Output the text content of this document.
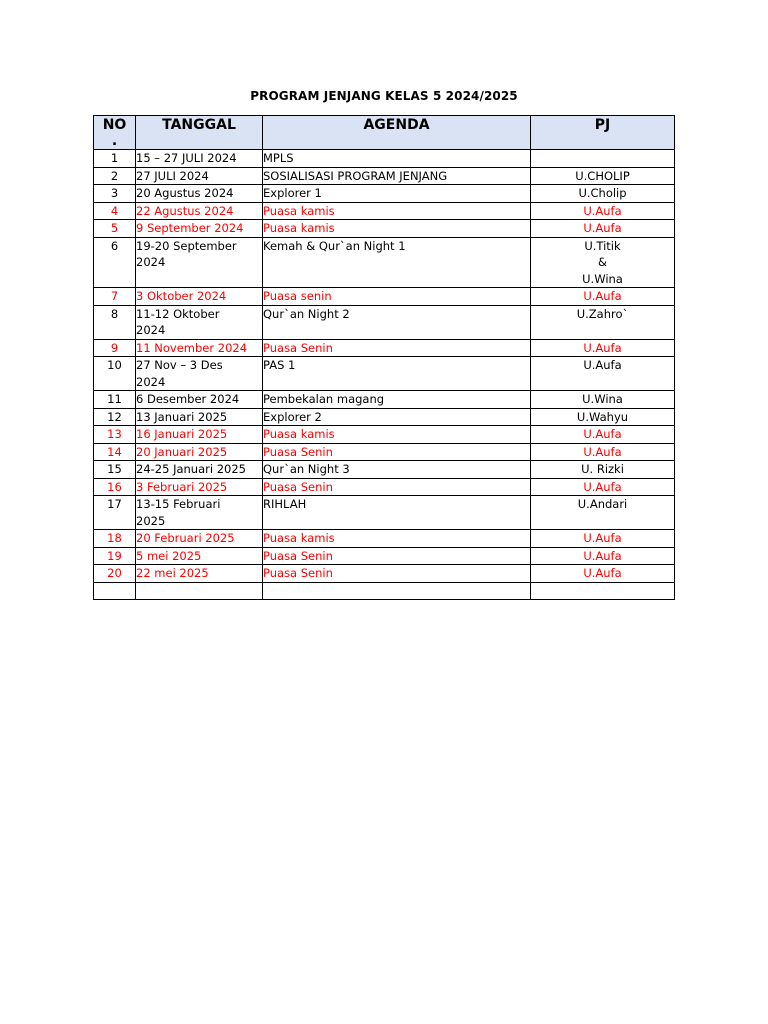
PROGRAM JENJANG KELAS 5 2024/2025
NO
.	TANGGAL	AGENDA	PJ
1	15 – 27 JULI 2024	MPLS	

2	27 JULI 2024	SOSIALISASI PROGRAM JENJANG	U.CHOLIP

3	20 Agustus 2024	Explorer 1	U.Cholip

4	22 Agustus 2024	Puasa kamis	U.Aufa

5	9 September 2024	Puasa kamis	U.Aufa

6	19-20 September
2024	Kemah & Qur`an Night 1	U.Titik
&
U.Wina

7	3 Oktober 2024	Puasa senin	U.Aufa

8	11-12 Oktober
2024	Qur`an Night 2	U.Zahro`

9	11 November 2024	Puasa Senin	U.Aufa

10	27 Nov – 3 Des
2024	PAS 1	U.Aufa

11	6 Desember 2024	Pembekalan magang	U.Wina

12	13 Januari 2025	Explorer 2	U.Wahyu

13	16 Januari 2025	Puasa kamis	U.Aufa

14	20 Januari 2025	Puasa Senin	U.Aufa

15	24-25 Januari 2025	Qur`an Night 3	U. Rizki

16	3 Februari 2025	Puasa Senin	U.Aufa

17	13-15 Februari
2025	RIHLAH	U.Andari

18	20 Februari 2025	Puasa kamis	U.Aufa

19	5 mei 2025	Puasa Senin	U.Aufa

20	22 mei 2025	Puasa Senin	U.Aufa
